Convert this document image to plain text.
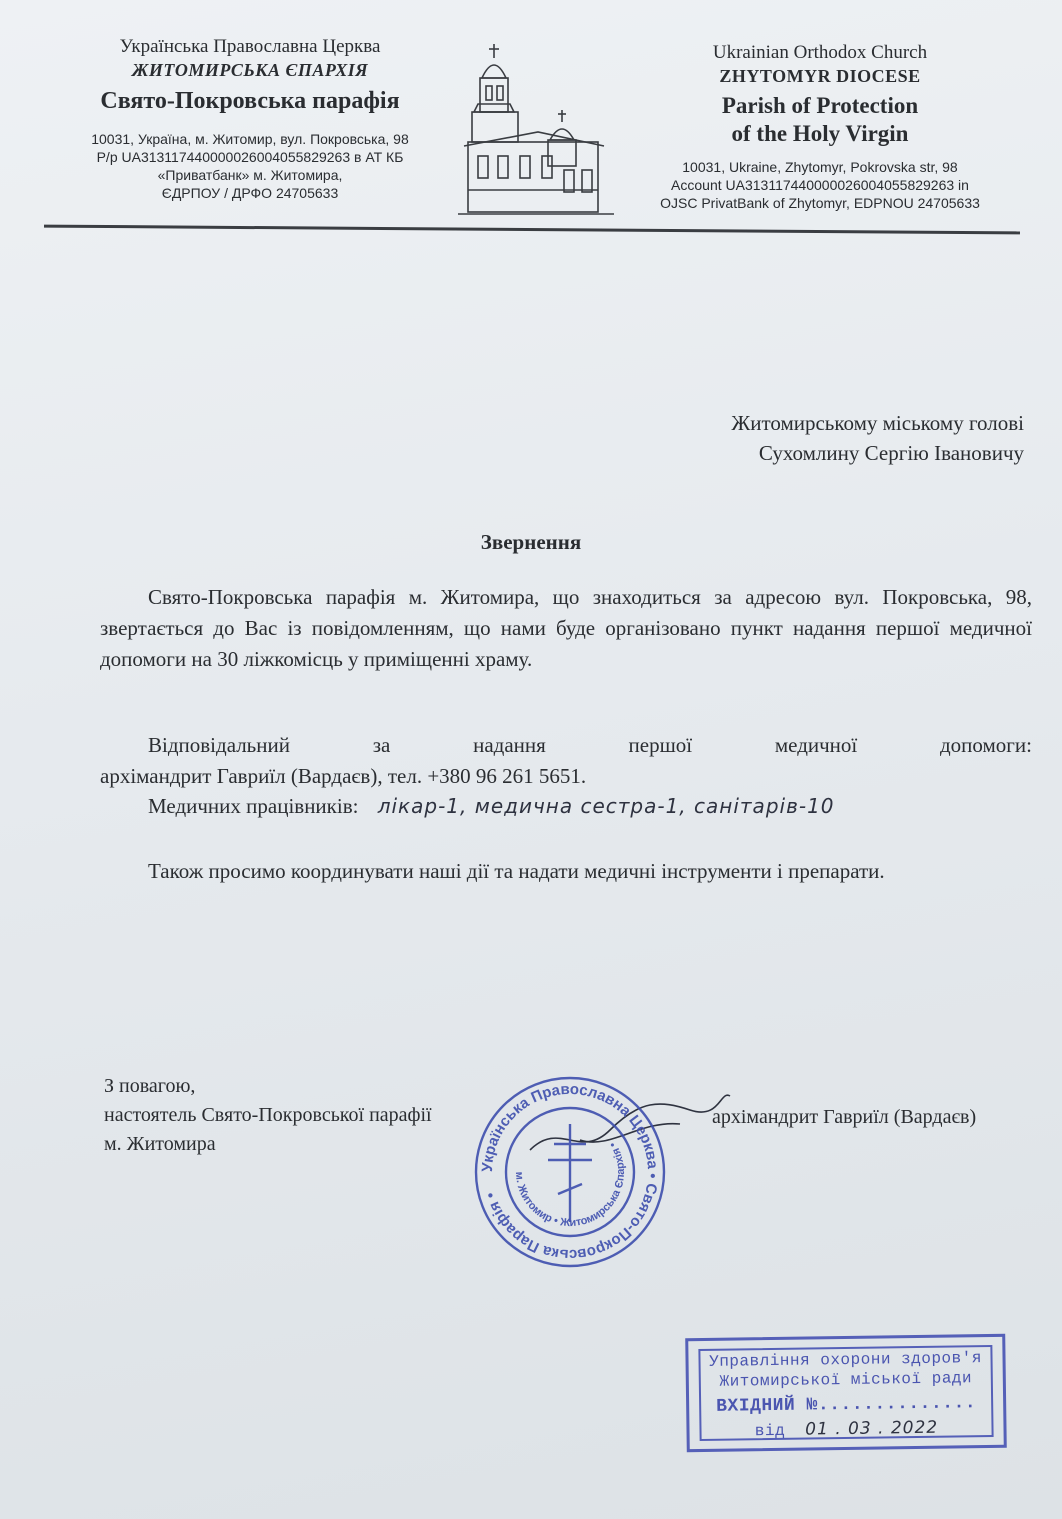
Українська Православна Церква
ЖИТОМИРСЬКА ЄПАРХІЯ
Свято-Покровська парафія
10031, Україна, м. Житомир, вул. Покровська, 98
Р/р UA313117440000026004055829263 в АТ КБ
«Приватбанк» м. Житомира,
ЄДРПОУ / ДРФО 24705633
Ukrainian Orthodox Church
ZHYTOMYR DIOCESE
Parish of Protection
of the Holy Virgin
10031, Ukraine, Zhytomyr, Pokrovska str, 98
Account UA313117440000026004055829263 in
OJSC PrivatBank of Zhytomyr, EDPNOU 24705633
Житомирському міському голові
Сухомлину Сергію Івановичу
Звернення

Свято-Покровська парафія м. Житомира, що знаходиться за адресою вул. Покровська, 98, звертається до Вас із повідомленням, що нами буде організовано пункт надання першої медичної допомоги на 30 ліжкомісць у приміщенні храму.

Відповідальний за надання першої медичної допомоги:
архімандрит Гавриїл (Вардаєв), тел. +380 96 261 5651.

Медичних працівників: лікар-1, медична сестра-1, санітарів-10

Також просимо координувати наші дії та надати медичні інструменти і препарати.

З повагою,
настоятель Свято-Покровської парафії
м. Житомира
архімандрит Гавриїл (Вардаєв)
Українська Православна Церква • Свято-Покровська Парафія •
м. Житомир • Житомирська Єпархія •
Управління охорони здоров'я
Житомирської міської ради
ВХІДНИЙ №..............
від 01 . 03 . 2022
